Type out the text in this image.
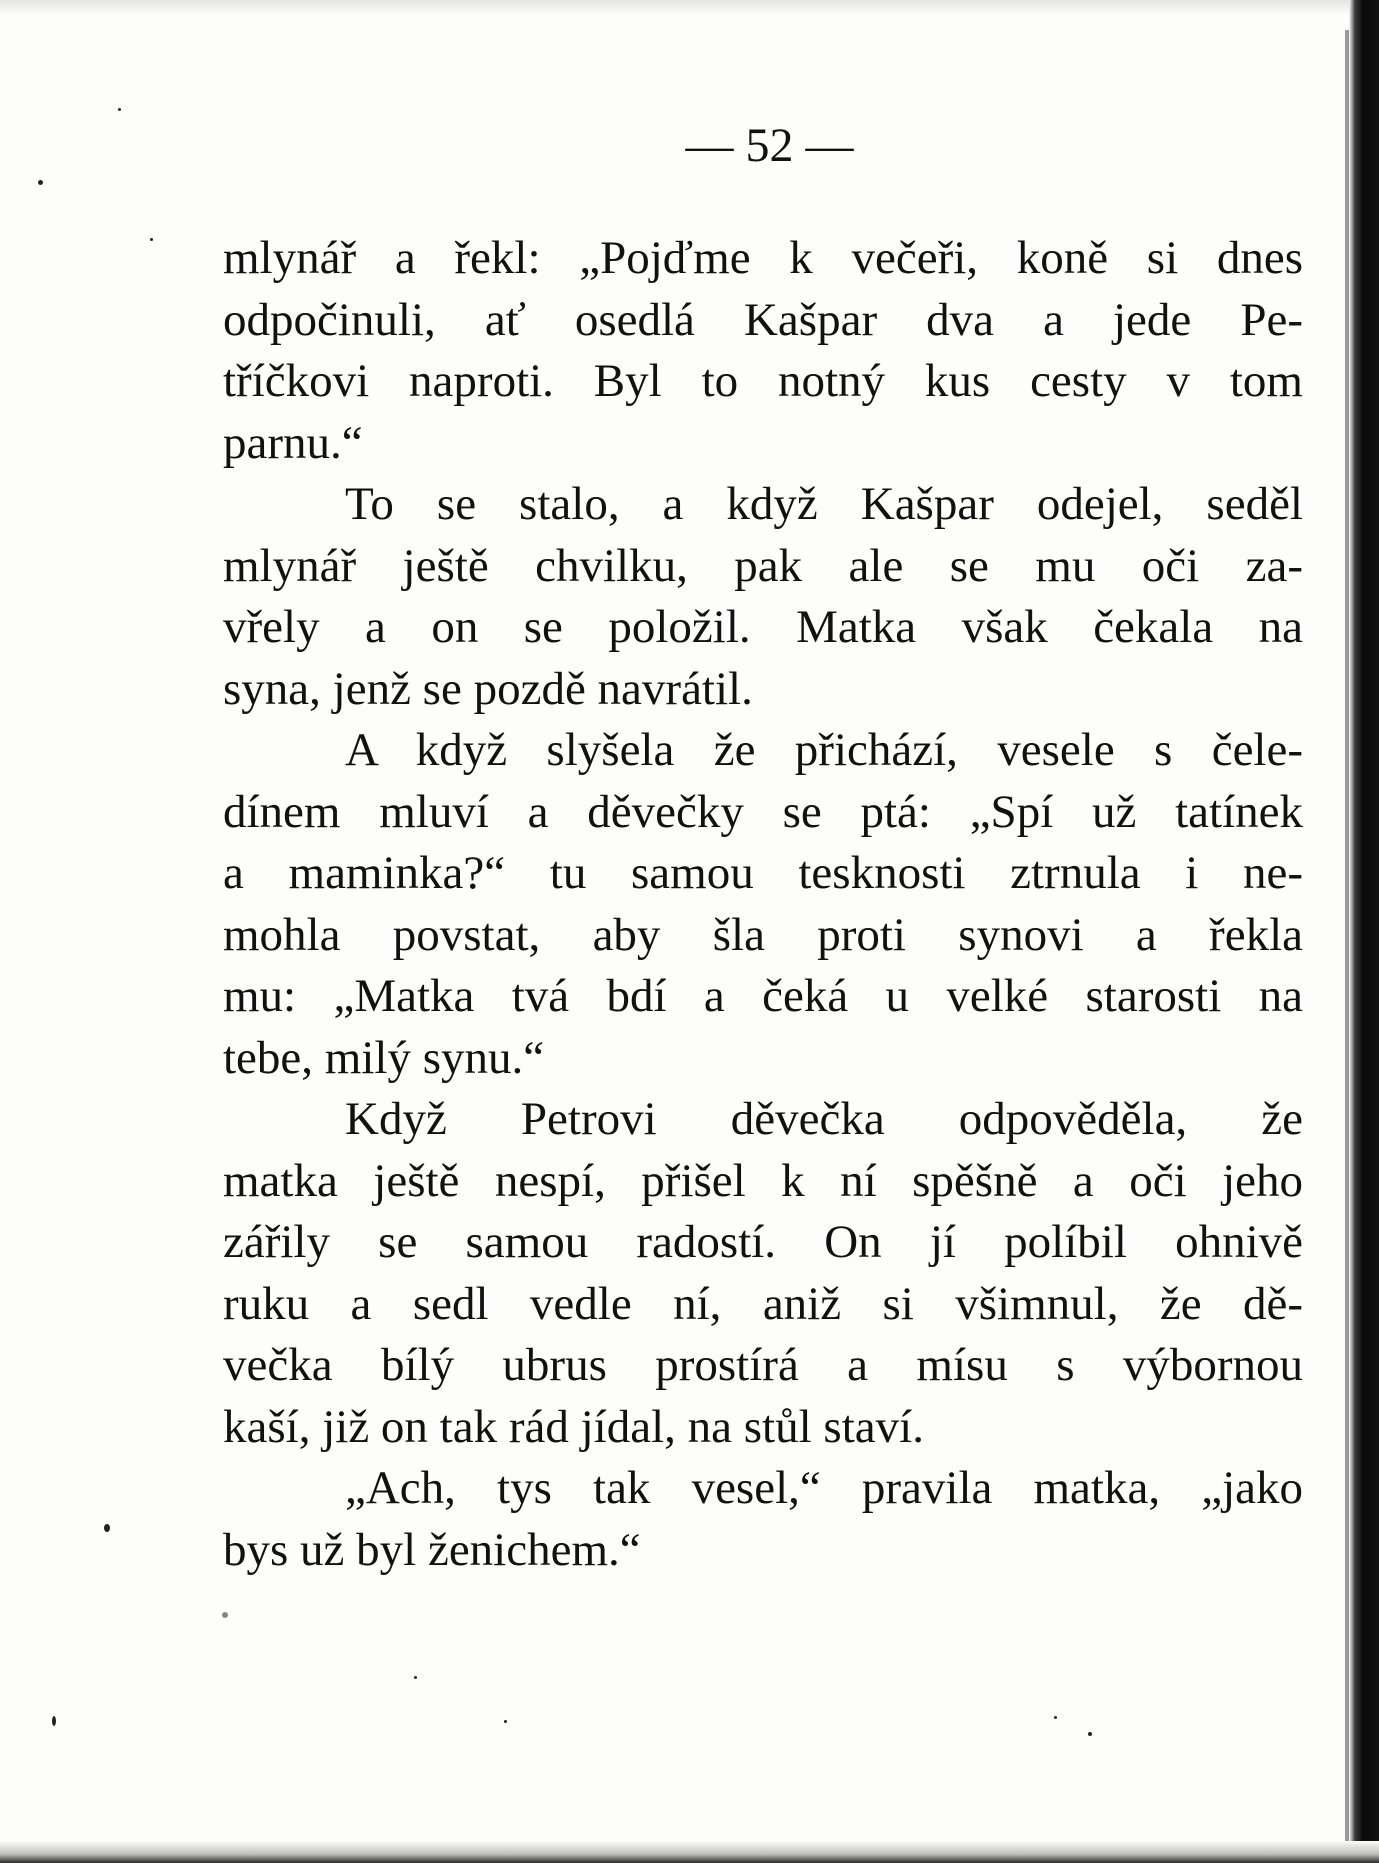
— 52 —
mlynář a řekl: „Pojďme k večeři, koně si dnes
odpočinuli, ať osedlá Kašpar dva a jede Pe-
tříčkovi naproti. Byl to notný kus cesty v tom
parnu.“
To se stalo, a když Kašpar odejel, seděl
mlynář ještě chvilku, pak ale se mu oči za-
vřely a on se položil. Matka však čekala na
syna, jenž se pozdě navrátil.
A když slyšela že přichází, vesele s čele-
dínem mluví a děvečky se ptá: „Spí už tatínek
a maminka?“ tu samou tesknosti ztrnula i ne-
mohla povstat, aby šla proti synovi a řekla
mu: „Matka tvá bdí a čeká u velké starosti na
tebe, milý synu.“
Když Petrovi děvečka odpověděla, že
matka ještě nespí, přišel k ní spěšně a oči jeho
zářily se samou radostí. On jí políbil ohnivě
ruku a sedl vedle ní, aniž si všimnul, že dě-
večka bílý ubrus prostírá a mísu s výbornou
kaší, již on tak rád jídal, na stůl staví.
„Ach, tys tak vesel,“ pravila matka, „jako
bys už byl ženichem.“
